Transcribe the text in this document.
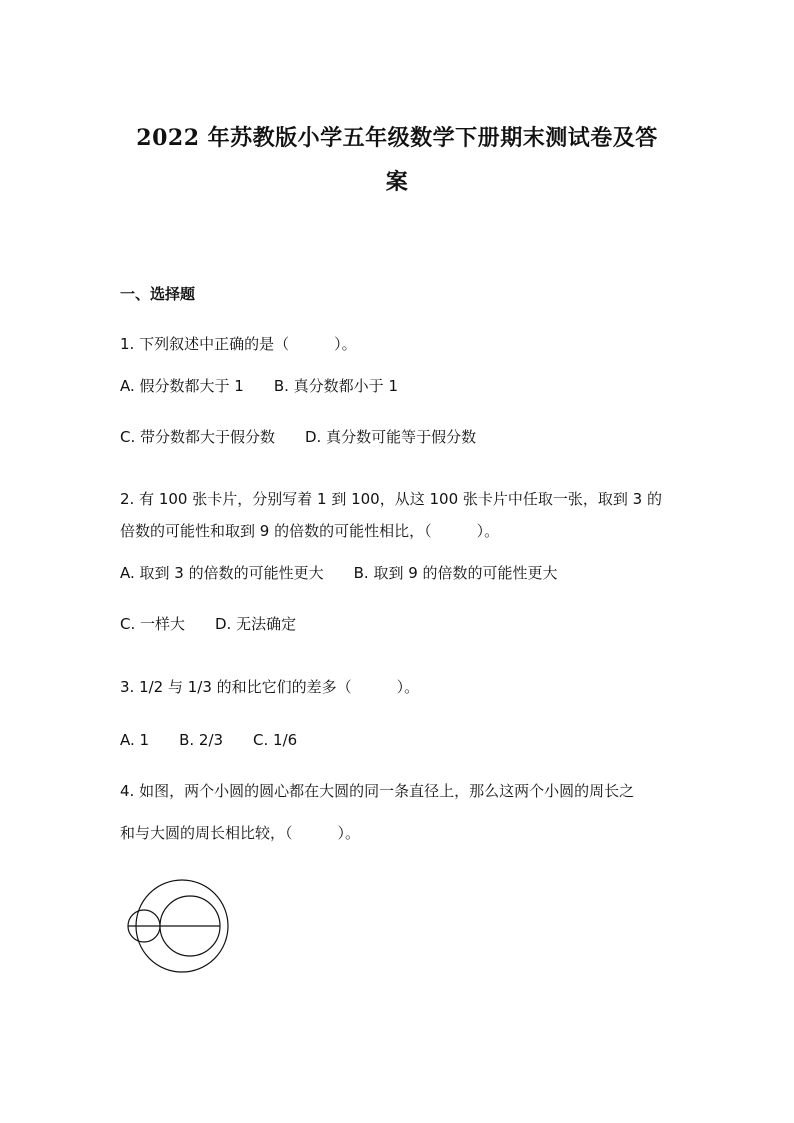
2022 年苏教版小学五年级数学下册期末测试卷及答
案
一、选择题
1. 下列叙述中正确的是（　　　）。
A. 假分数都大于 1　　B. 真分数都小于 1
C. 带分数都大于假分数　　D. 真分数可能等于假分数
2. 有 100 张卡片，分别写着 1 到 100，从这 100 张卡片中任取一张，取到 3 的
倍数的可能性和取到 9 的倍数的可能性相比，（　　　）。
A. 取到 3 的倍数的可能性更大　　B. 取到 9 的倍数的可能性更大
C. 一样大　　D. 无法确定
3. 1/2 与 1/3 的和比它们的差多（　　　）。
A. 1　　B. 2/3　　C. 1/6
4. 如图，两个小圆的圆心都在大圆的同一条直径上，那么这两个小圆的周长之
和与大圆的周长相比较，（　　　）。
